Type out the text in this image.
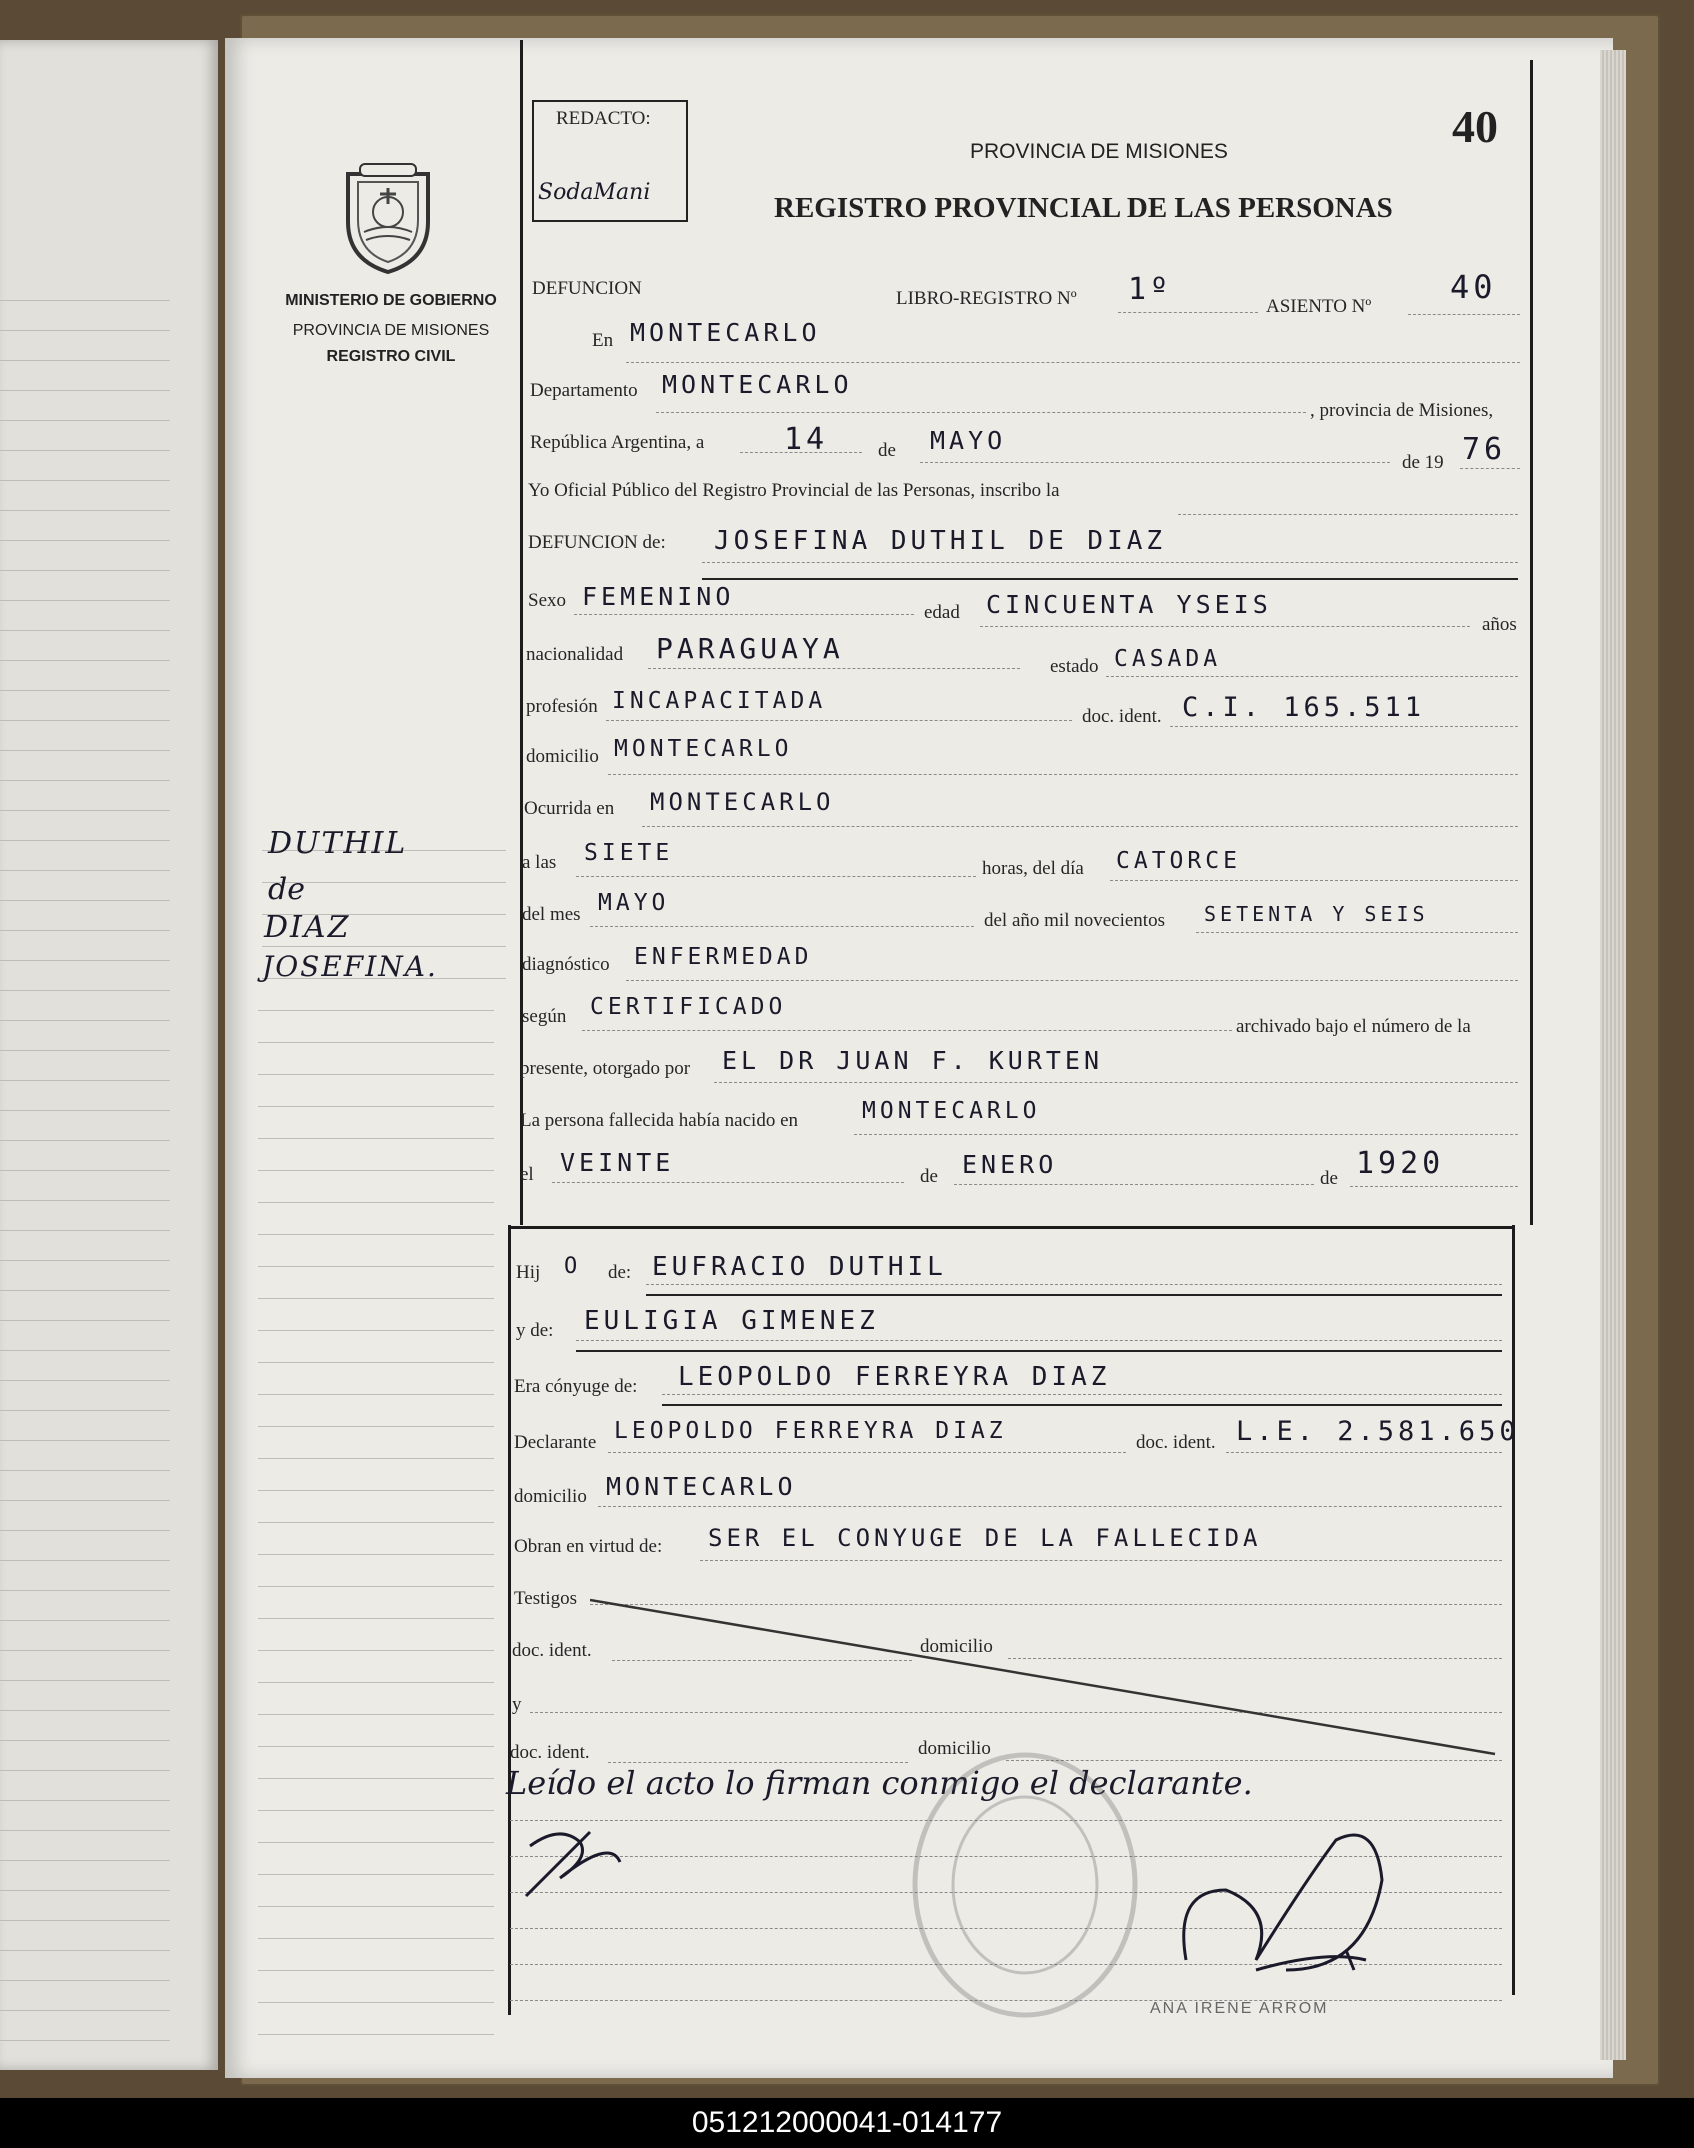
MINISTERIO DE GOBIERNO
PROVINCIA DE MISIONES
REGISTRO CIVIL
DUTHIL
de
DIAZ
JOSEFINA.
REDACTO:
SodaMani
PROVINCIA DE MISIONES
REGISTRO PROVINCIAL DE LAS PERSONAS
40
DEFUNCION	LIBRO-REGISTRO Nº 1º	ASIENTO Nº
40
En MONTECARLO
Departamento MONTECARLO
, provincia de Misiones,
República Argentina, a	14	de MAYO
de 19 76
Yo Oficial Público del Registro Provincial de las Personas, inscribo la
DEFUNCION de: JOSEFINA DUTHIL DE DIAZ
Sexo FEMENINO
edad CINCUENTA YSEIS
años
nacionalidad PARAGUAYA
estado CASADA
profesión INCAPACITADA
doc. ident. C.I. 165.511
domicilio MONTECARLO
Ocurrida en MONTECARLO
a las SIETE
horas, del día CATORCE
del mes MAYO
del año mil novecientos SETENTA Y SEIS
diagnóstico ENFERMEDAD
según CERTIFICADO
archivado bajo el número de la
presente, otorgado por EL DR JUAN F. KURTEN
La persona fallecida había nacido en	MONTECARLO
el VEINTE	de ENERO	de 1920
Hij O de: EUFRACIO DUTHIL
y de: EULIGIA GIMENEZ
Era cónyuge de: LEOPOLDO FERREYRA DIAZ
Declarante LEOPOLDO FERREYRA DIAZ	doc. ident. L.E. 2.581.650
domicilio MONTECARLO
Obran en virtud de: SER EL CONYUGE DE LA FALLECIDA
Testigos
doc. ident.	domicilio
y
doc. ident.	domicilio
Leído el acto lo firman conmigo el declarante.
ANA IRENE ARROM
051212000041-014177
